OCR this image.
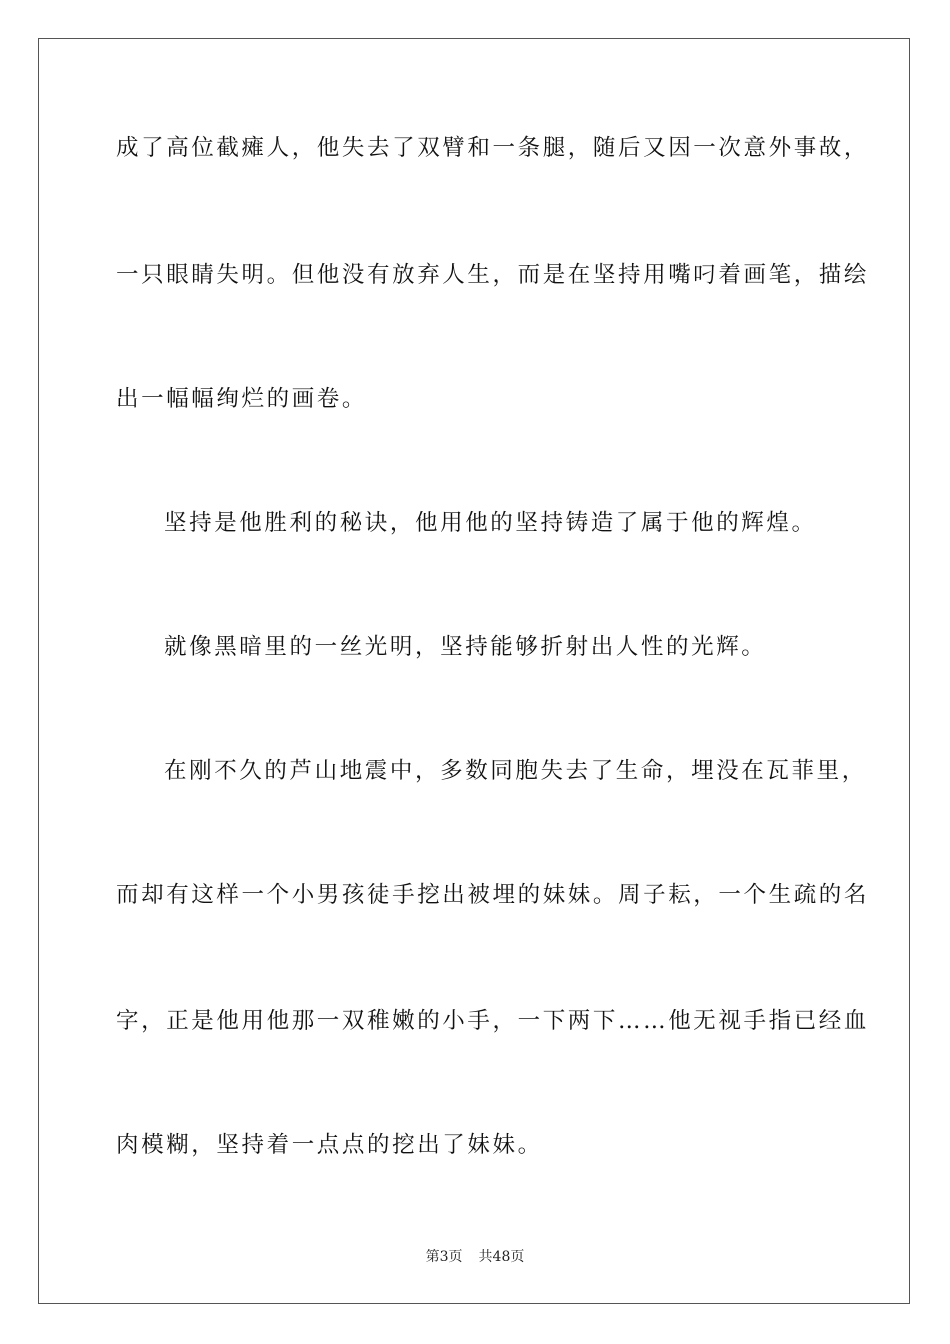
成了高位截瘫人，他失去了双臂和一条腿，随后又因一次意外事故，
一只眼睛失明。但他没有放弃人生，而是在坚持用嘴叼着画笔，描绘
出一幅幅绚烂的画卷。
坚持是他胜利的秘诀，他用他的坚持铸造了属于他的辉煌。
就像黑暗里的一丝光明，坚持能够折射出人性的光辉。
在刚不久的芦山地震中，多数同胞失去了生命，埋没在瓦菲里，
而却有这样一个小男孩徒手挖出被埋的妹妹。周子耘，一个生疏的名
字，正是他用他那一双稚嫩的小手，一下两下……他无视手指已经血
肉模糊，坚持着一点点的挖出了妹妹。
第3页 共48页
